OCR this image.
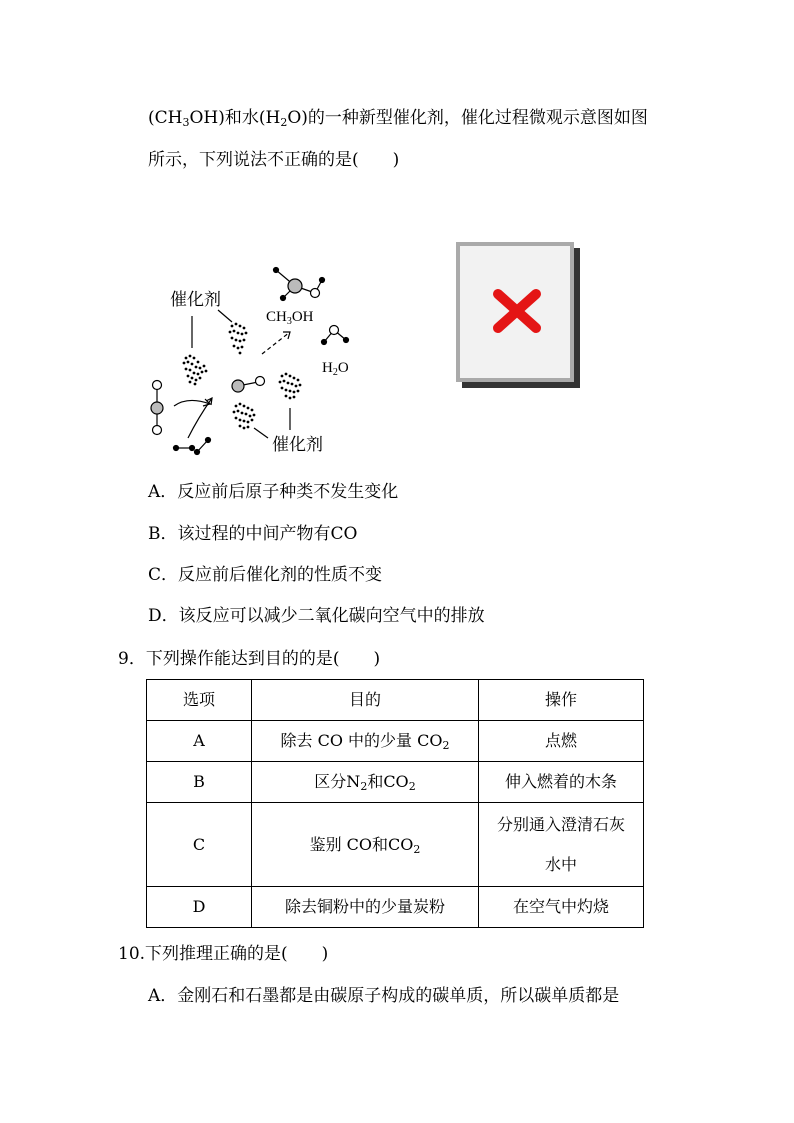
$(CH_3OH)$和水$(H_2O)$的一种新型催化剂，催化过程微观示意图如图
所示，下列说法不正确的是(　　)
$CH_3OH$
$H_2O$
催化剂
催化剂
A．反应前后原子种类不发生变化
B．该过程的中间产物有CO
C．反应前后催化剂的性质不变
D．该反应可以减少二氧化碳向空气中的排放
9．下列操作能达到目的的是(　　)
选项	目的	操作
A	除去 CO 中的少量 $CO_2$	点燃
B	区分$N_2$和$CO_2$	伸入燃着的木条
C	鉴别 CO和$CO_2$	分别通入澄清石灰
水中

D	除去铜粉中的少量炭粉	在空气中灼烧
10.下列推理正确的是(　　)
A．金刚石和石墨都是由碳原子构成的碳单质，所以碳单质都是
